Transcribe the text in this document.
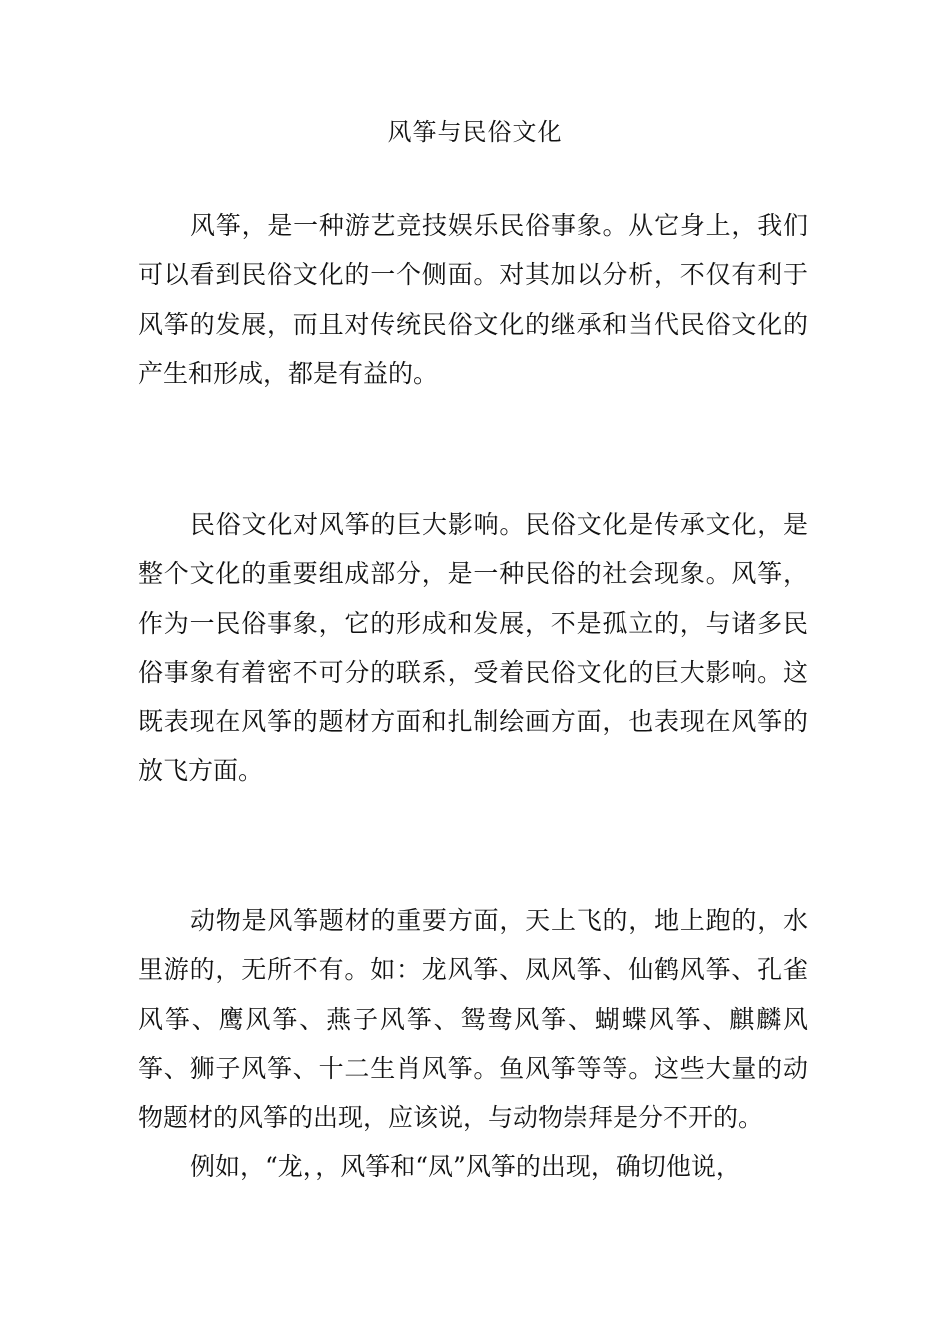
风筝与民俗文化

风筝，是一种游艺竞技娱乐民俗事象。从它身上，我们可以看到民俗文化的一个侧面。对其加以分析，不仅有利于风筝的发展，而且对传统民俗文化的继承和当代民俗文化的产生和形成，都是有益的。

民俗文化对风筝的巨大影响。民俗文化是传承文化，是整个文化的重要组成部分，是一种民俗的社会现象。风筝，作为一民俗事象，它的形成和发展，不是孤立的，与诸多民俗事象有着密不可分的联系，受着民俗文化的巨大影响。这既表现在风筝的题材方面和扎制绘画方面，也表现在风筝的放飞方面。

动物是风筝题材的重要方面，天上飞的，地上跑的，水里游的，无所不有。如：龙风筝、凤风筝、仙鹤风筝、孔雀风筝、鹰风筝、燕子风筝、鸳鸯风筝、蝴蝶风筝、麒麟风筝、狮子风筝、十二生肖风筝。鱼风筝等等。这些大量的动物题材的风筝的出现，应该说，与动物崇拜是分不开的。

例如，“龙，，风筝和“凤”风筝的出现，确切他说，
